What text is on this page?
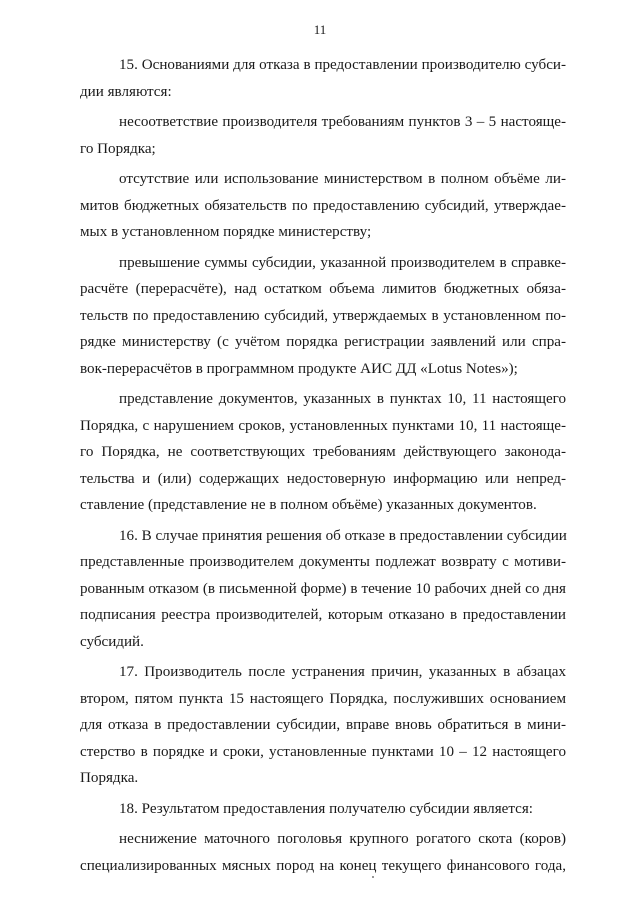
11
15. Основаниями для отказа в предоставлении производителю субси-
дии являются:
несоответствие производителя требованиям пунктов 3 – 5 настояще-
го Порядка;
отсутствие или использование министерством в полном объёме ли-
митов бюджетных обязательств по предоставлению субсидий, утверждае-
мых в установленном порядке министерству;
превышение суммы субсидии, указанной производителем в справке-
расчёте (перерасчёте), над остатком объема лимитов бюджетных обяза-
тельств по предоставлению субсидий, утверждаемых в установленном по-
рядке министерству (с учётом порядка регистрации заявлений или спра-
вок-перерасчётов в программном продукте АИС ДД «Lotus Notes»);
представление документов, указанных в пунктах 10, 11 настоящего
Порядка, с нарушением сроков, установленных пунктами 10, 11 настояще-
го Порядка, не соответствующих требованиям действующего законода-
тельства и (или) содержащих недостоверную информацию или непред-
ставление (представление не в полном объёме) указанных документов.
16. В случае принятия решения об отказе в предоставлении субсидии
представленные производителем документы подлежат возврату с мотиви-
рованным отказом (в письменной форме) в течение 10 рабочих дней со дня
подписания реестра производителей, которым отказано в предоставлении
субсидий.
17. Производитель после устранения причин, указанных в абзацах
втором, пятом пункта 15 настоящего Порядка, послуживших основанием
для отказа в предоставлении субсидии, вправе вновь обратиться в мини-
стерство в порядке и сроки, установленные пунктами 10 – 12 настоящего
Порядка.
18. Результатом предоставления получателю субсидии является:
неснижение маточного поголовья крупного рогатого скота (коров)
специализированных мясных пород на конец текущего финансового года,
